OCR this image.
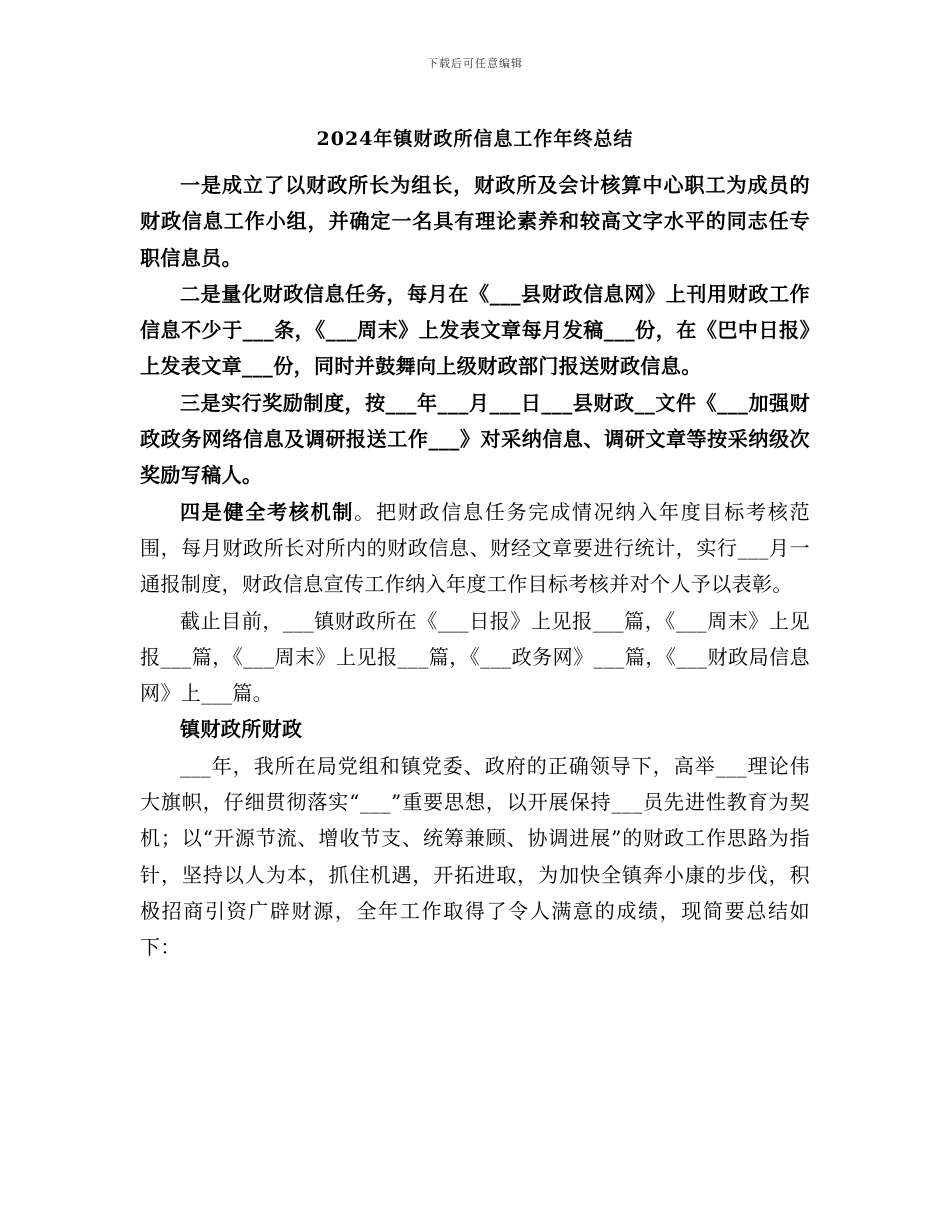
下载后可任意编辑
2024年镇财政所信息工作年终总结

一是成立了以财政所长为组长，财政所及会计核算中心职工为成员的财政信息工作小组，并确定一名具有理论素养和较高文字水平的同志任专职信息员。

二是量化财政信息任务，每月在《___县财政信息网》上刊用财政工作信息不少于___条，《___周末》上发表文章每月发稿___份，在《巴中日报》上发表文章___份，同时并鼓舞向上级财政部门报送财政信息。

三是实行奖励制度，按___年___月___日___县财政__文件《___加强财政政务网络信息及调研报送工作___》对采纳信息、调研文章等按采纳级次奖励写稿人。

四是健全考核机制。把财政信息任务完成情况纳入年度目标考核范围，每月财政所长对所内的财政信息、财经文章要进行统计，实行___月一通报制度，财政信息宣传工作纳入年度工作目标考核并对个人予以表彰。

截止目前，___镇财政所在《___日报》上见报___篇，《___周末》上见报___篇，《___周末》上见报___篇，《___政务网》___篇，《___财政局信息网》上___篇。

镇财政所财政

___年，我所在局党组和镇党委、政府的正确领导下，高举___理论伟大旗帜，仔细贯彻落实“___”重要思想，以开展保持___员先进性教育为契机；以“开源节流、增收节支、统筹兼顾、协调进展”的财政工作思路为指针，坚持以人为本，抓住机遇，开拓进取，为加快全镇奔小康的步伐，积极招商引资广辟财源，全年工作取得了令人满意的成绩，现简要总结如下：
